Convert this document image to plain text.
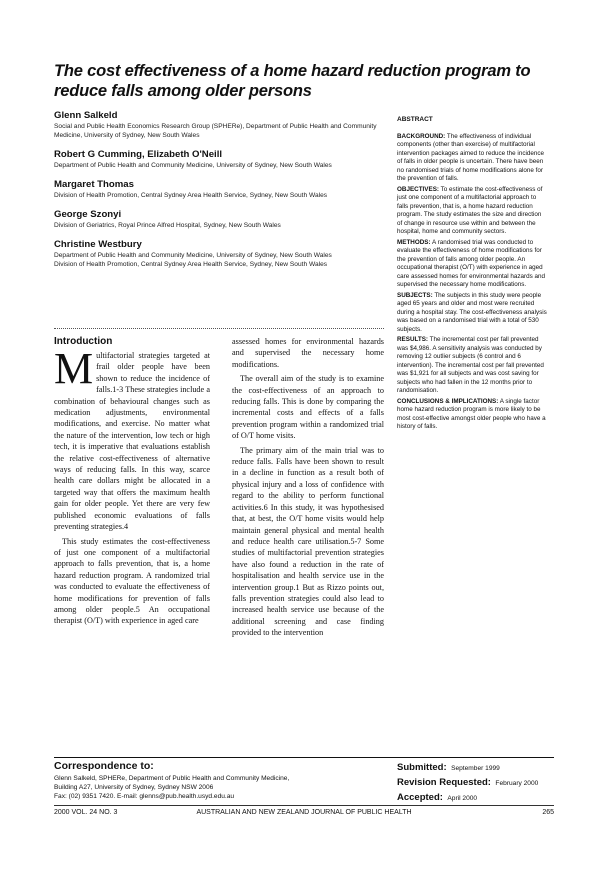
The cost effectiveness of a home hazard reduction program to reduce falls among older persons
Glenn Salkeld
Social and Public Health Economics Research Group (SPHERe), Department of Public Health and Community Medicine, University of Sydney, New South Wales
Robert G Cumming, Elizabeth O'Neill
Department of Public Health and Community Medicine, University of Sydney, New South Wales
Margaret Thomas
Division of Health Promotion, Central Sydney Area Health Service, Sydney, New South Wales
George Szonyi
Division of Geriatrics, Royal Prince Alfred Hospital, Sydney, New South Wales
Christine Westbury
Department of Public Health and Community Medicine, University of Sydney, New South Wales
Division of Health Promotion, Central Sydney Area Health Service, Sydney, New South Wales
Introduction

Multifactorial strategies targeted at frail older people have been shown to reduce the incidence of falls.1-3 These strategies include a combination of behavioural changes such as medication adjustments, environmental modifications, and exercise. No matter what the nature of the intervention, low tech or high tech, it is imperative that evaluations establish the relative cost-effectiveness of alternative ways of reducing falls. In this way, scarce health care dollars might be allocated in a targeted way that offers the maximum health gain for older people. Yet there are very few published economic evaluations of falls preventing strategies.4

This study estimates the cost-effectiveness of just one component of a multifactorial approach to falls prevention, that is, a home hazard reduction program. A randomized trial was conducted to evaluate the effectiveness of home modifications for prevention of falls among older people.5 An occupational therapist (O/T) with experience in aged care

assessed homes for environmental hazards and supervised the necessary home modifications.

The overall aim of the study is to examine the cost-effectiveness of an approach to reducing falls. This is done by comparing the incremental costs and effects of a falls prevention program within a randomized trial of O/T home visits.

The primary aim of the main trial was to reduce falls. Falls have been shown to result in a decline in function as a result both of physical injury and a loss of confidence with regard to the ability to perform functional activities.6 In this study, it was hypothesised that, at best, the O/T home visits would help maintain general physical and mental health and reduce health care utilisation.5-7 Some studies of multifactorial prevention strategies have also found a reduction in the rate of hospitalisation and health service use in the intervention group.1 But as Rizzo points out, falls prevention strategies could also lead to increased health service use because of the additional screening and case finding provided to the intervention

ABSTRACT

BACKGROUND: The effectiveness of individual components (other than exercise) of multifactorial intervention packages aimed to reduce the incidence of falls in older people is uncertain. There have been no randomised trials of home modifications alone for the prevention of falls.

OBJECTIVES: To estimate the cost-effectiveness of just one component of a multifactorial approach to falls prevention, that is, a home hazard reduction program. The study estimates the size and direction of change in resource use within and between the hospital, home and community sectors.

METHODS: A randomised trial was conducted to evaluate the effectiveness of home modifications for the prevention of falls among older people. An occupational therapist (O/T) with experience in aged care assessed homes for environmental hazards and supervised the necessary home modifications.

SUBJECTS: The subjects in this study were people aged 65 years and older and most were recruited during a hospital stay. The cost-effectiveness analysis was based on a randomised trial with a total of 530 subjects.

RESULTS: The incremental cost per fall prevented was $4,986. A sensitivity analysis was conducted by removing 12 outlier subjects (6 control and 6 intervention). The incremental cost per fall prevented was $1,921 for all subjects and was cost saving for subjects who had fallen in the 12 months prior to randomisation.

CONCLUSIONS & IMPLICATIONS: A single factor home hazard reduction program is more likely to be most cost-effective amongst older people who have a history of falls.

Correspondence to:
Glenn Salkeld, SPHERe, Department of Public Health and Community Medicine,
Building A27, University of Sydney, Sydney NSW 2006
Fax: (02) 9351 7420. E-mail: glenns@pub.health.usyd.edu.au
Submitted: September 1999
Revision Requested: February 2000
Accepted: April 2000
2000 VOL. 24 NO. 3	AUSTRALIAN AND NEW ZEALAND JOURNAL OF PUBLIC HEALTH	265
